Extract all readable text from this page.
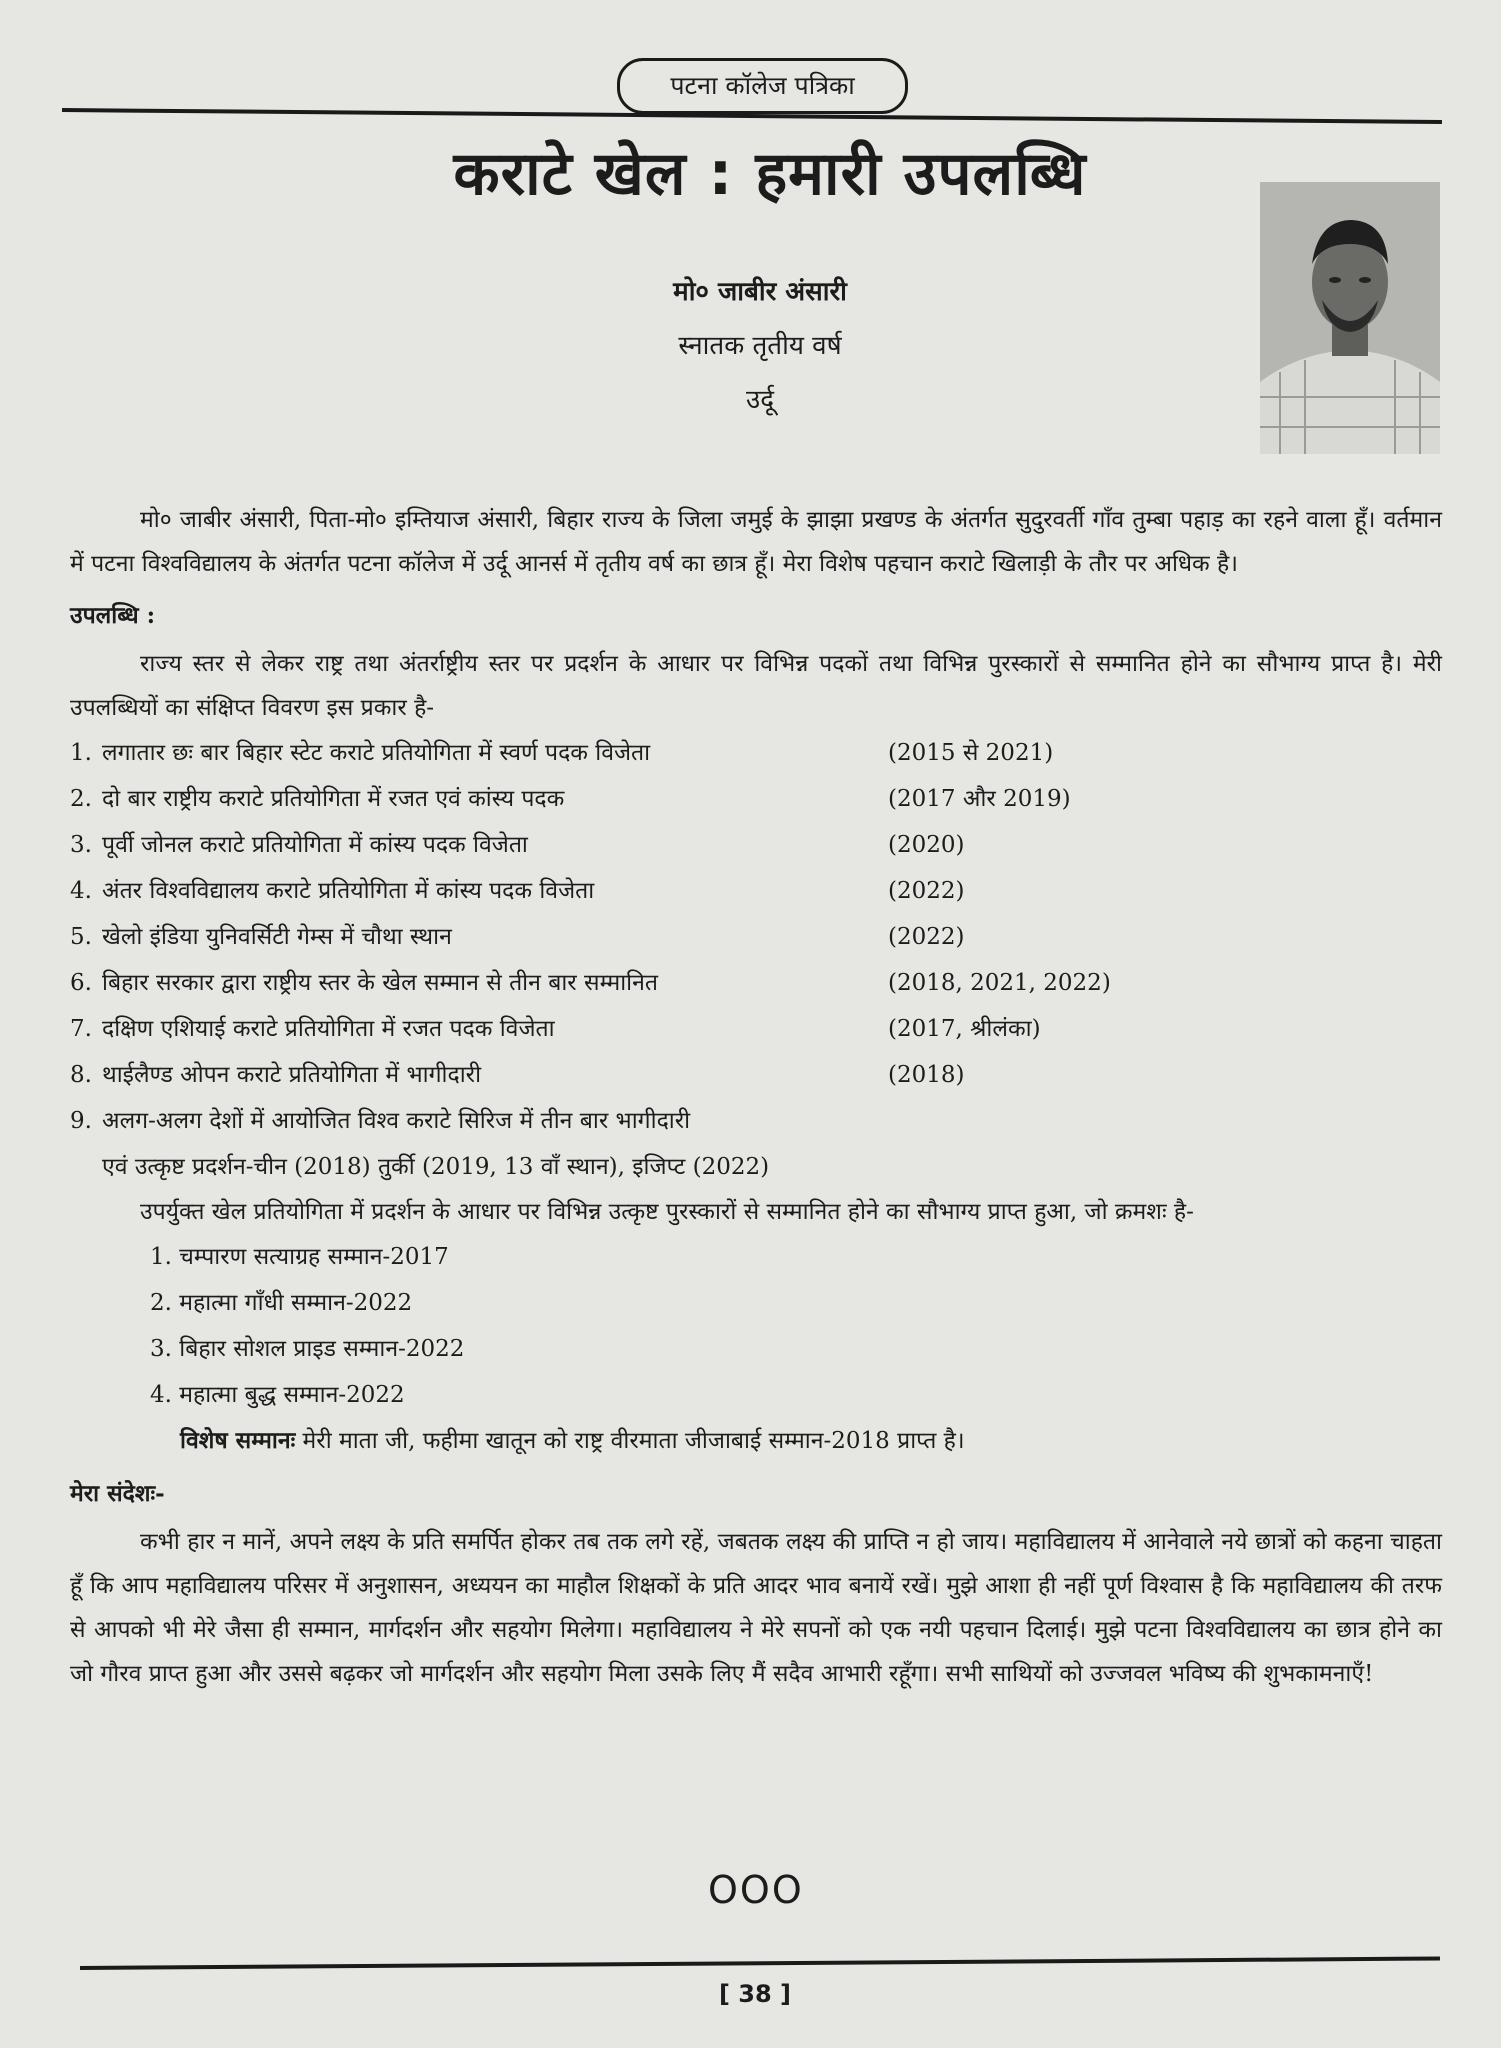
पटना कॉलेज पत्रिका
कराटे खेल : हमारी उपलब्धि
मो० जाबीर अंसारी
स्नातक तृतीय वर्ष
उर्दू

मो० जाबीर अंसारी, पिता-मो० इम्तियाज अंसारी, बिहार राज्य के जिला जमुई के झाझा प्रखण्ड के अंतर्गत सुदुरवर्ती गाँव तुम्बा पहाड़ का रहने वाला हूँ। वर्तमान में पटना विश्वविद्यालय के अंतर्गत पटना कॉलेज में उर्दू आनर्स में तृतीय वर्ष का छात्र हूँ। मेरा विशेष पहचान कराटे खिलाड़ी के तौर पर अधिक है।

उपलब्धि :

राज्य स्तर से लेकर राष्ट्र तथा अंतर्राष्ट्रीय स्तर पर प्रदर्शन के आधार पर विभिन्न पदकों तथा विभिन्न पुरस्कारों से सम्मानित होने का सौभाग्य प्राप्त है। मेरी उपलब्धियों का संक्षिप्त विवरण इस प्रकार है-

1. लगातार छः बार बिहार स्टेट कराटे प्रतियोगिता में स्वर्ण पदक विजेता	(2015 से 2021)
2. दो बार राष्ट्रीय कराटे प्रतियोगिता में रजत एवं कांस्य पदक	(2017 और 2019)
3. पूर्वी जोनल कराटे प्रतियोगिता में कांस्य पदक विजेता	(2020)
4. अंतर विश्वविद्यालय कराटे प्रतियोगिता में कांस्य पदक विजेता	(2022)
5. खेलो इंडिया युनिवर्सिटी गेम्स में चौथा स्थान	(2022)
6. बिहार सरकार द्वारा राष्ट्रीय स्तर के खेल सम्मान से तीन बार सम्मानित	(2018, 2021, 2022)
7. दक्षिण एशियाई कराटे प्रतियोगिता में रजत पदक विजेता	(2017, श्रीलंका)
8. थाईलैण्ड ओपन कराटे प्रतियोगिता में भागीदारी	(2018)
9. अलग-अलग देशों में आयोजित विश्व कराटे सिरिज में तीन बार भागीदारी
एवं उत्कृष्ट प्रदर्शन-चीन (2018) तुर्की (2019, 13 वाँ स्थान), इजिप्ट (2022)

उपर्युक्त खेल प्रतियोगिता में प्रदर्शन के आधार पर विभिन्न उत्कृष्ट पुरस्कारों से सम्मानित होने का सौभाग्य प्राप्त हुआ, जो क्रमशः है-

1. चम्पारण सत्याग्रह सम्मान-2017
2. महात्मा गाँधी सम्मान-2022
3. बिहार सोशल प्राइड सम्मान-2022
4. महात्मा बुद्ध सम्मान-2022
विशेष सम्मानः मेरी माता जी, फहीमा खातून को राष्ट्र वीरमाता जीजाबाई सम्मान-2018 प्राप्त है।
मेरा संदेशः-

कभी हार न मानें, अपने लक्ष्य के प्रति समर्पित होकर तब तक लगे रहें, जबतक लक्ष्य की प्राप्ति न हो जाय। महाविद्यालय में आनेवाले नये छात्रों को कहना चाहता हूँ कि आप महाविद्यालय परिसर में अनुशासन, अध्ययन का माहौल शिक्षकों के प्रति आदर भाव बनायें रखें। मुझे आशा ही नहीं पूर्ण विश्वास है कि महाविद्यालय की तरफ से आपको भी मेरे जैसा ही सम्मान, मार्गदर्शन और सहयोग मिलेगा। महाविद्यालय ने मेरे सपनों को एक नयी पहचान दिलाई। मुझे पटना विश्वविद्यालय का छात्र होने का जो गौरव प्राप्त हुआ और उससे बढ़कर जो मार्गदर्शन और सहयोग मिला उसके लिए मैं सदैव आभारी रहूँगा। सभी साथियों को उज्जवल भविष्य की शुभकामनाएँ!

OOO
[ 38 ]
